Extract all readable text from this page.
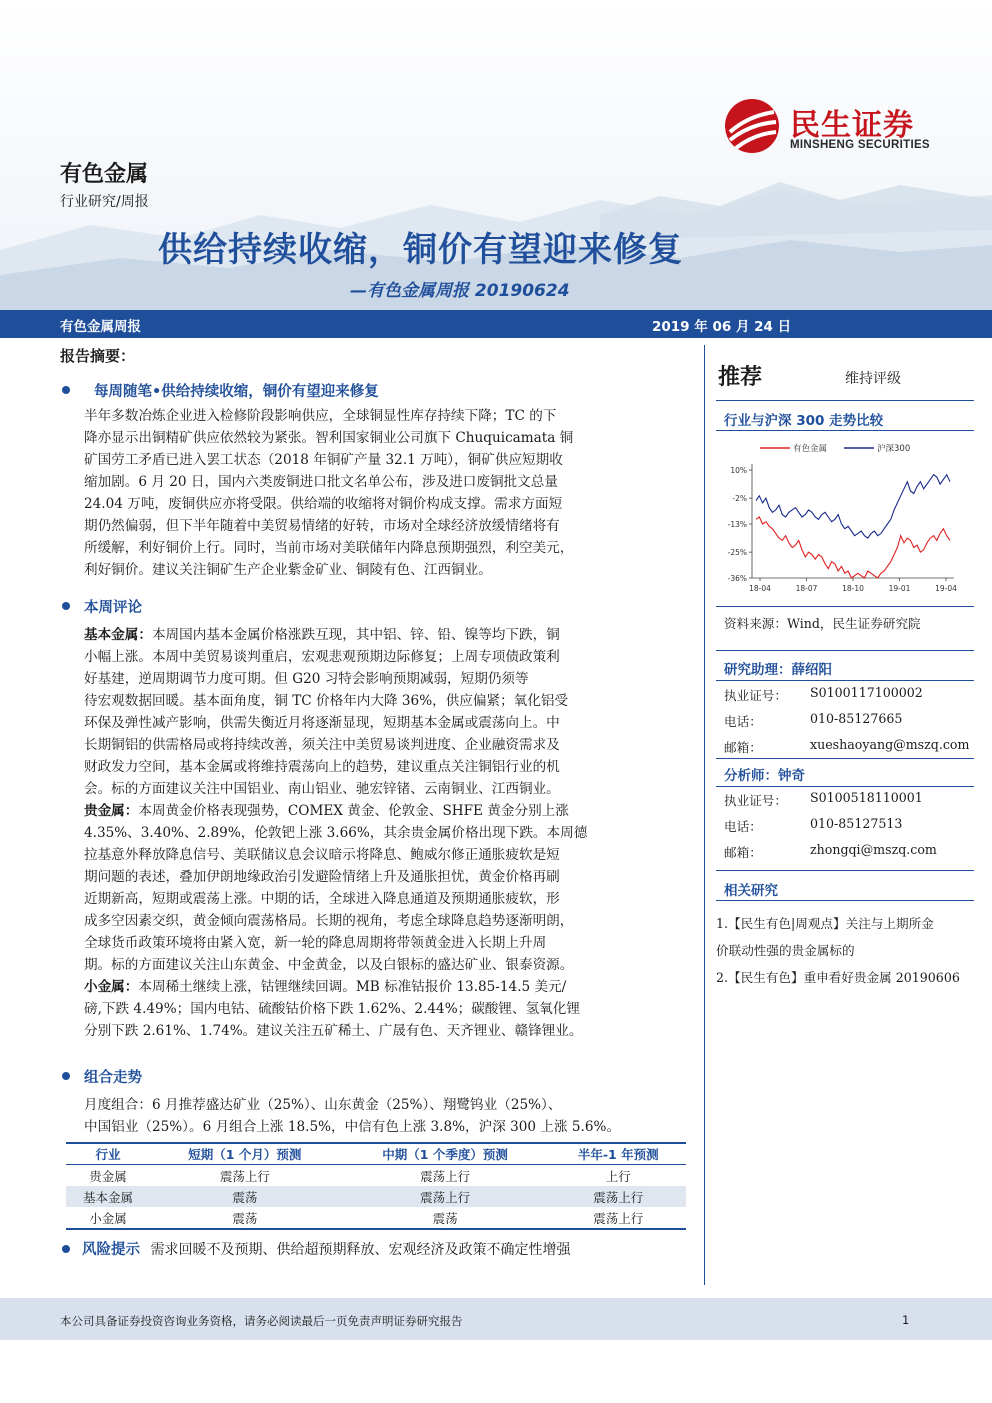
民生证券
MINSHENG SECURITIES
有色金属
行业研究/周报
供给持续收缩，铜价有望迎来修复
—有色金属周报 20190624
有色金属周报	2019 年 06 月 24 日
报告摘要：
每周随笔•供给持续收缩，铜价有望迎来修复
半年多数冶炼企业进入检修阶段影响供应，全球铜显性库存持续下降；TC 的下
降亦显示出铜精矿供应依然较为紧张。智利国家铜业公司旗下 Chuquicamata 铜
矿国劳工矛盾已进入罢工状态（2018 年铜矿产量 32.1 万吨），铜矿供应短期收
缩加剧。6 月 20 日，国内六类废铜进口批文名单公布，涉及进口废铜批文总量
24.04 万吨，废铜供应亦将受限。供给端的收缩将对铜价构成支撑。需求方面短
期仍然偏弱，但下半年随着中美贸易情绪的好转，市场对全球经济放缓情绪将有
所缓解，利好铜价上行。同时，当前市场对美联储年内降息预期强烈，利空美元，
利好铜价。建议关注铜矿生产企业紫金矿业、铜陵有色、江西铜业。
本周评论
基本金属：本周国内基本金属价格涨跌互现，其中铝、锌、铅、镍等均下跌，铜
小幅上涨。本周中美贸易谈判重启，宏观悲观预期边际修复；上周专项债政策利
好基建，逆周期调节力度可期。但 G20 习特会影响预期减弱，短期仍须等
待宏观数据回暖。基本面角度，铜 TC 价格年内大降 36%，供应偏紧；氧化铝受
环保及弹性减产影响，供需失衡近月将逐渐显现，短期基本金属或震荡向上。中
长期铜铝的供需格局或将持续改善，须关注中美贸易谈判进度、企业融资需求及
财政发力空间，基本金属或将维持震荡向上的趋势，建议重点关注铜铝行业的机
会。标的方面建议关注中国铝业、南山铝业、驰宏锌锗、云南铜业、江西铜业。
贵金属：本周黄金价格表现强势，COMEX 黄金、伦敦金、SHFE 黄金分别上涨
4.35%、3.40%、2.89%，伦敦钯上涨 3.66%，其余贵金属价格出现下跌。本周德
拉基意外释放降息信号、美联储议息会议暗示将降息、鲍威尔修正通胀疲软是短
期问题的表述，叠加伊朗地缘政治引发避险情绪上升及通胀担忧，黄金价格再刷
近期新高，短期或震荡上涨。中期的话，全球进入降息通道及预期通胀疲软，形
成多空因素交织，黄金倾向震荡格局。长期的视角，考虑全球降息趋势逐渐明朗，
全球货币政策环境将由紧入宽，新一轮的降息周期将带领黄金进入长期上升周
期。标的方面建议关注山东黄金、中金黄金，以及白银标的盛达矿业、银泰资源。
小金属：本周稀土继续上涨，钴锂继续回调。MB 标准钴报价 13.85-14.5 美元/
磅,下跌 4.49%；国内电钴、硫酸钴价格下跌 1.62%、2.44%；碳酸锂、氢氧化锂
分别下跌 2.61%、1.74%。建议关注五矿稀土、广晟有色、天齐锂业、赣锋锂业。
组合走势
月度组合：6 月推荐盛达矿业（25%）、山东黄金（25%）、翔鹭钨业（25%）、
中国铝业（25%）。6 月组合上涨 18.5%，中信有色上涨 3.8%，沪深 300 上涨 5.6%。
行业	短期（1 个月）预测	中期（1 个季度）预测	半年-1 年预测
贵金属	震荡上行	震荡上行	上行
基本金属	震荡	震荡上行	震荡上行
小金属	震荡	震荡	震荡上行
风险提示 需求回暖不及预期、供给超预期释放、宏观经济及政策不确定性增强
推荐	维持评级
行业与沪深 300 走势比较
有色金属	沪深300
10%
-2%
-13%
-25%
-36%
18-04	18-07	18-10	19-01	19-04
资料来源：Wind，民生证券研究院
研究助理：薛绍阳
执业证号： S0100117100002
电话：	010-85127665
邮箱：	xueshaoyang@mszq.com
分析师：钟奇
执业证号： S0100518110001
电话：	010-85127513
邮箱：	zhongqi@mszq.com
相关研究
1.【民生有色|周观点】关注与上期所金
价联动性强的贵金属标的
2.【民生有色】重申看好贵金属 20190606
本公司具备证券投资咨询业务资格，请务必阅读最后一页免责声明证券研究报告	1
